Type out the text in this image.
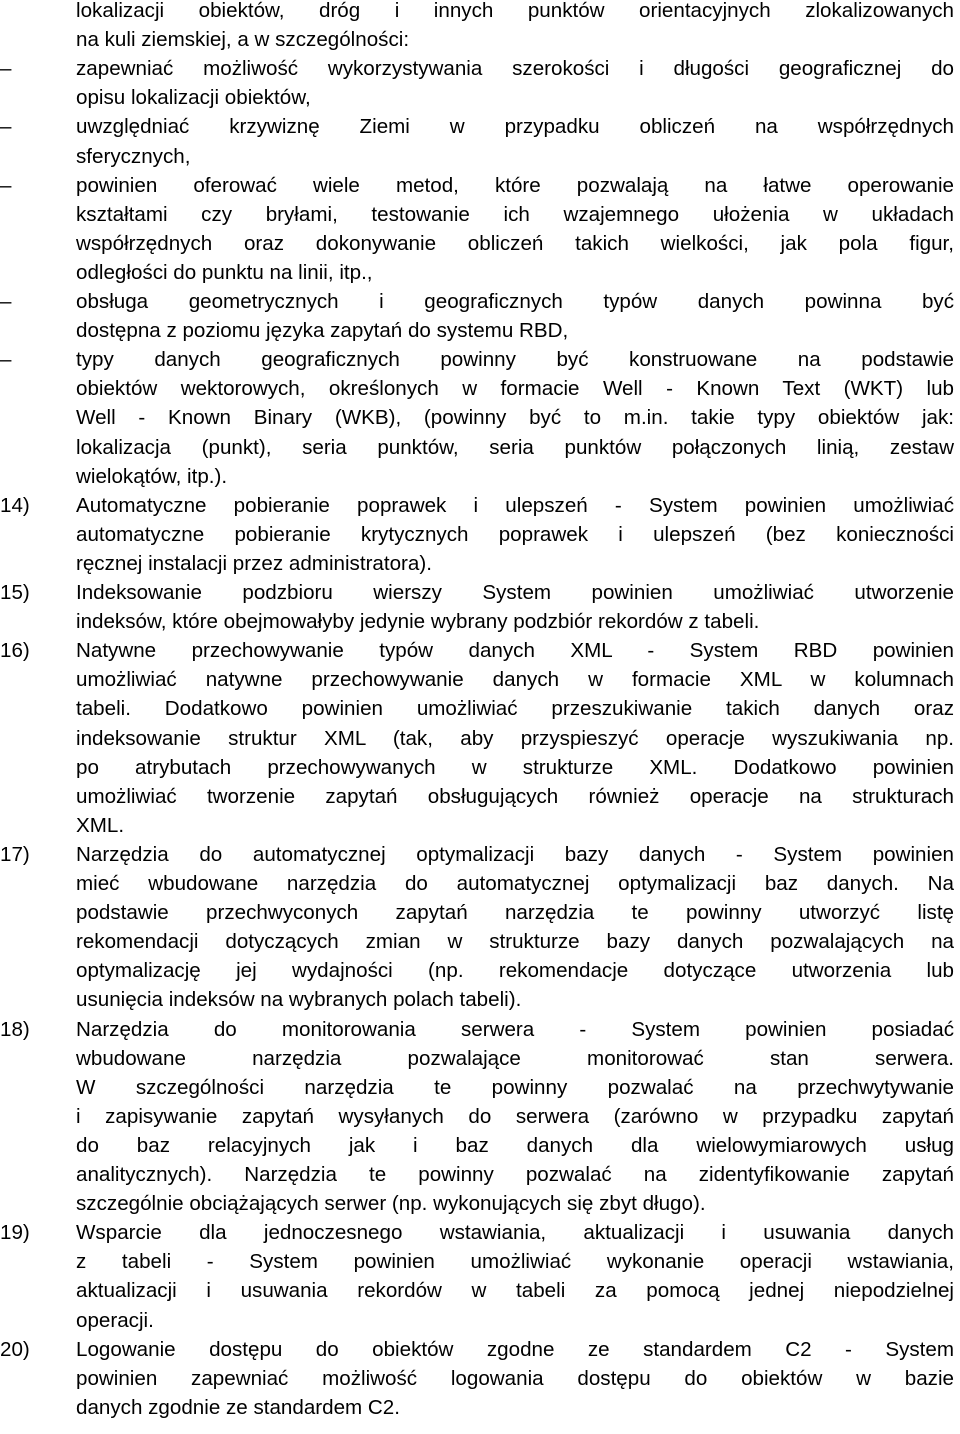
lokalizacji obiektów, dróg i innych punktów orientacyjnych zlokalizowanych
na kuli ziemskiej, a w szczególności:
–	zapewniać możliwość wykorzystywania szerokości i długości geograficznej do
opisu lokalizacji obiektów,
–	uwzględniać krzywiznę Ziemi w przypadku obliczeń na współrzędnych
sferycznych,
–	powinien oferować wiele metod, które pozwalają na łatwe operowanie
kształtami czy bryłami, testowanie ich wzajemnego ułożenia w układach
współrzędnych oraz dokonywanie obliczeń takich wielkości, jak pola figur,
odległości do punktu na linii, itp.,
–	obsługa geometrycznych i geograficznych typów danych powinna być
dostępna z poziomu języka zapytań do systemu RBD,
–	typy danych geograficznych powinny być konstruowane na podstawie
obiektów wektorowych, określonych w formacie Well - Known Text (WKT) lub
Well - Known Binary (WKB), (powinny być to m.in. takie typy obiektów jak:
lokalizacja (punkt), seria punktów, seria punktów połączonych linią, zestaw
wielokątów, itp.).
14)	Automatyczne pobieranie poprawek i ulepszeń - System powinien umożliwiać
automatyczne pobieranie krytycznych poprawek i ulepszeń (bez konieczności
ręcznej instalacji przez administratora).
15)	Indeksowanie podzbioru wierszy System powinien umożliwiać utworzenie
indeksów, które obejmowałyby jedynie wybrany podzbiór rekordów z tabeli.
16)	Natywne przechowywanie typów danych XML - System RBD powinien
umożliwiać natywne przechowywanie danych w formacie XML w kolumnach
tabeli. Dodatkowo powinien umożliwiać przeszukiwanie takich danych oraz
indeksowanie struktur XML (tak, aby przyspieszyć operacje wyszukiwania np.
po atrybutach przechowywanych w strukturze XML. Dodatkowo powinien
umożliwiać tworzenie zapytań obsługujących również operacje na strukturach
XML.
17)	Narzędzia do automatycznej optymalizacji bazy danych - System powinien
mieć wbudowane narzędzia do automatycznej optymalizacji baz danych. Na
podstawie przechwyconych zapytań narzędzia te powinny utworzyć listę
rekomendacji dotyczących zmian w strukturze bazy danych pozwalających na
optymalizację jej wydajności (np. rekomendacje dotyczące utworzenia lub
usunięcia indeksów na wybranych polach tabeli).
18)	Narzędzia do monitorowania serwera - System powinien posiadać
wbudowane narzędzia pozwalające monitorować stan serwera.
W szczególności narzędzia te powinny pozwalać na przechwytywanie
i zapisywanie zapytań wysyłanych do serwera (zarówno w przypadku zapytań
do baz relacyjnych jak i baz danych dla wielowymiarowych usług
analitycznych). Narzędzia te powinny pozwalać na zidentyfikowanie zapytań
szczególnie obciążających serwer (np. wykonujących się zbyt długo).
19)	Wsparcie dla jednoczesnego wstawiania, aktualizacji i usuwania danych
z tabeli - System powinien umożliwiać wykonanie operacji wstawiania,
aktualizacji i usuwania rekordów w tabeli za pomocą jednej niepodzielnej
operacji.
20)	Logowanie dostępu do obiektów zgodne ze standardem C2 - System
powinien zapewniać możliwość logowania dostępu do obiektów w bazie
danych zgodnie ze standardem C2.
